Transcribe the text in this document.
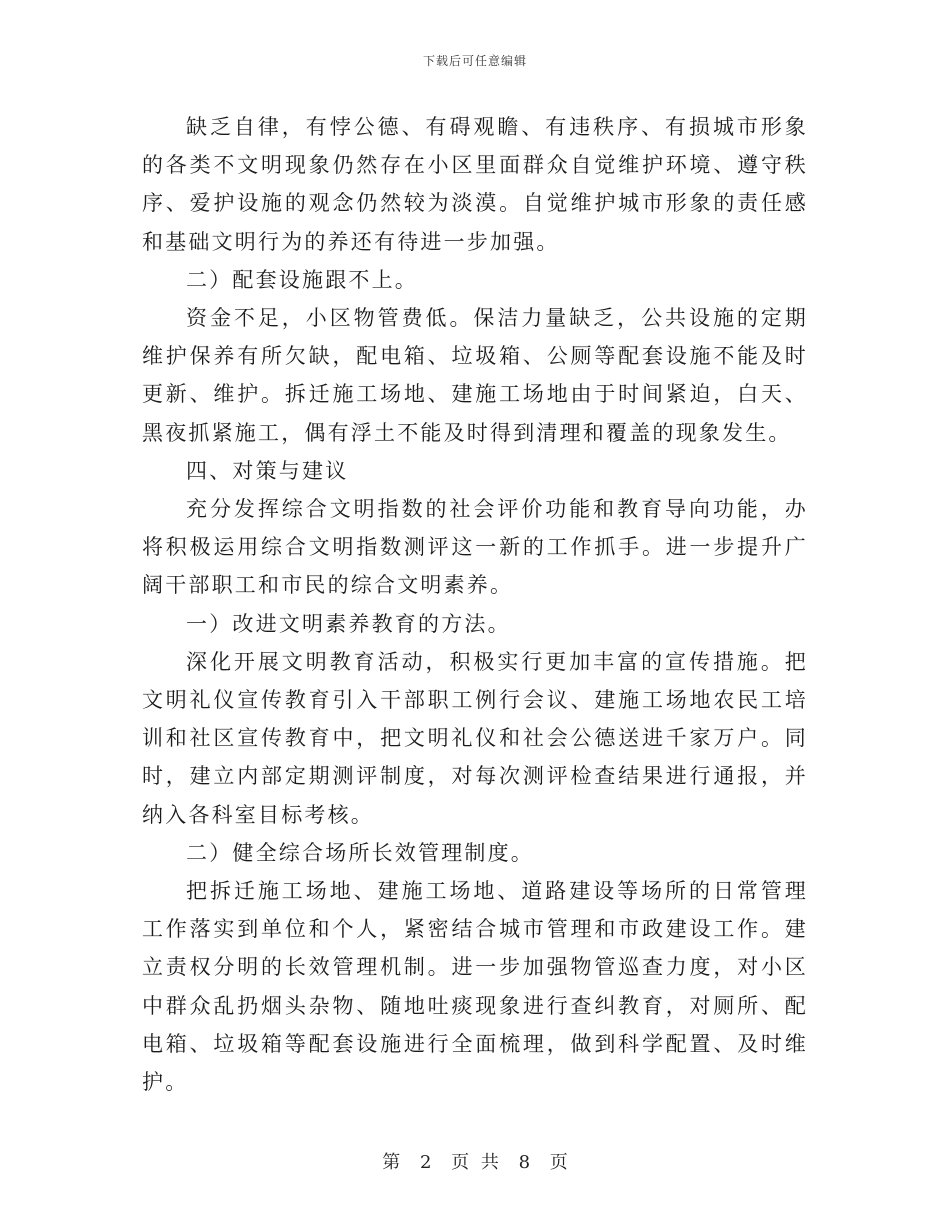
下载后可任意编辑

缺乏自律，有悖公德、有碍观瞻、有违秩序、有损城市形象的各类不文明现象仍然存在小区里面群众自觉维护环境、遵守秩序、爱护设施的观念仍然较为淡漠。自觉维护城市形象的责任感和基础文明行为的养还有待进一步加强。

二）配套设施跟不上。

资金不足，小区物管费低。保洁力量缺乏，公共设施的定期维护保养有所欠缺，配电箱、垃圾箱、公厕等配套设施不能及时更新、维护。拆迁施工场地、建施工场地由于时间紧迫，白天、黑夜抓紧施工，偶有浮土不能及时得到清理和覆盖的现象发生。

四、对策与建议

充分发挥综合文明指数的社会评价功能和教育导向功能，办将积极运用综合文明指数测评这一新的工作抓手。进一步提升广阔干部职工和市民的综合文明素养。

一）改进文明素养教育的方法。

深化开展文明教育活动，积极实行更加丰富的宣传措施。把文明礼仪宣传教育引入干部职工例行会议、建施工场地农民工培训和社区宣传教育中，把文明礼仪和社会公德送进千家万户。同时，建立内部定期测评制度，对每次测评检查结果进行通报，并纳入各科室目标考核。

二）健全综合场所长效管理制度。

把拆迁施工场地、建施工场地、道路建设等场所的日常管理工作落实到单位和个人，紧密结合城市管理和市政建设工作。建立责权分明的长效管理机制。进一步加强物管巡查力度，对小区中群众乱扔烟头杂物、随地吐痰现象进行查纠教育，对厕所、配电箱、垃圾箱等配套设施进行全面梳理，做到科学配置、及时维护。

第 2 页 共 8 页
